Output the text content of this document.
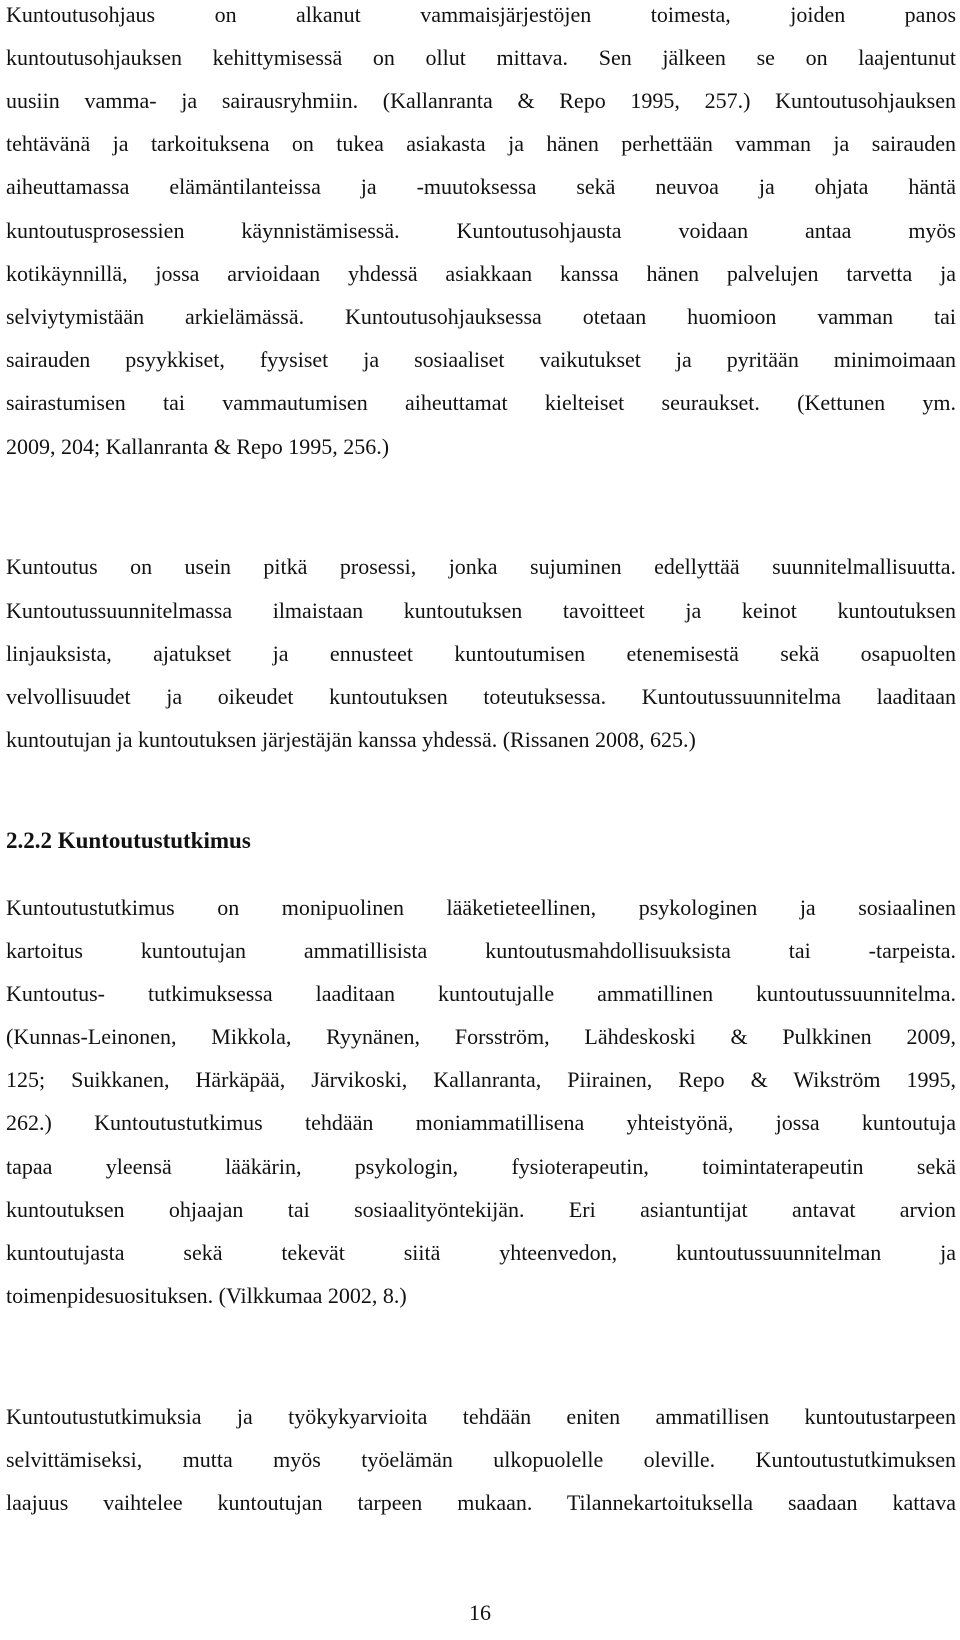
Kuntoutusohjaus on alkanut vammaisjärjestöjen toimesta, joiden panos
kuntoutusohjauksen kehittymisessä on ollut mittava. Sen jälkeen se on laajentunut
uusiin vamma- ja sairausryhmiin. (Kallanranta & Repo 1995, 257.) Kuntoutusohjauksen
tehtävänä ja tarkoituksena on tukea asiakasta ja hänen perhettään vamman ja sairauden
aiheuttamassa elämäntilanteissa ja -muutoksessa sekä neuvoa ja ohjata häntä
kuntoutusprosessien käynnistämisessä. Kuntoutusohjausta voidaan antaa myös
kotikäynnillä, jossa arvioidaan yhdessä asiakkaan kanssa hänen palvelujen tarvetta ja
selviytymistään arkielämässä. Kuntoutusohjauksessa otetaan huomioon vamman tai
sairauden psyykkiset, fyysiset ja sosiaaliset vaikutukset ja pyritään minimoimaan
sairastumisen tai vammautumisen aiheuttamat kielteiset seuraukset. (Kettunen ym.
2009, 204; Kallanranta & Repo 1995, 256.)
Kuntoutus on usein pitkä prosessi, jonka sujuminen edellyttää suunnitelmallisuutta.
Kuntoutussuunnitelmassa ilmaistaan kuntoutuksen tavoitteet ja keinot kuntoutuksen
linjauksista, ajatukset ja ennusteet kuntoutumisen etenemisestä sekä osapuolten
velvollisuudet ja oikeudet kuntoutuksen toteutuksessa. Kuntoutussuunnitelma laaditaan
kuntoutujan ja kuntoutuksen järjestäjän kanssa yhdessä. (Rissanen 2008, 625.)
2.2.2 Kuntoutustutkimus
Kuntoutustutkimus on monipuolinen lääketieteellinen, psykologinen ja sosiaalinen
kartoitus kuntoutujan ammatillisista kuntoutusmahdollisuuksista tai -tarpeista.
Kuntoutus- tutkimuksessa laaditaan kuntoutujalle ammatillinen kuntoutussuunnitelma.
(Kunnas-Leinonen, Mikkola, Ryynänen, Forsström, Lähdeskoski & Pulkkinen 2009,
125; Suikkanen, Härkäpää, Järvikoski, Kallanranta, Piirainen, Repo & Wikström 1995,
262.) Kuntoutustutkimus tehdään moniammatillisena yhteistyönä, jossa kuntoutuja
tapaa yleensä lääkärin, psykologin, fysioterapeutin, toimintaterapeutin sekä
kuntoutuksen ohjaajan tai sosiaalityöntekijän. Eri asiantuntijat antavat arvion
kuntoutujasta sekä tekevät siitä yhteenvedon, kuntoutussuunnitelman ja
toimenpidesuosituksen. (Vilkkumaa 2002, 8.)
Kuntoutustutkimuksia ja työkykyarvioita tehdään eniten ammatillisen kuntoutustarpeen
selvittämiseksi, mutta myös työelämän ulkopuolelle oleville. Kuntoutustutkimuksen
laajuus vaihtelee kuntoutujan tarpeen mukaan. Tilannekartoituksella saadaan kattava
16
